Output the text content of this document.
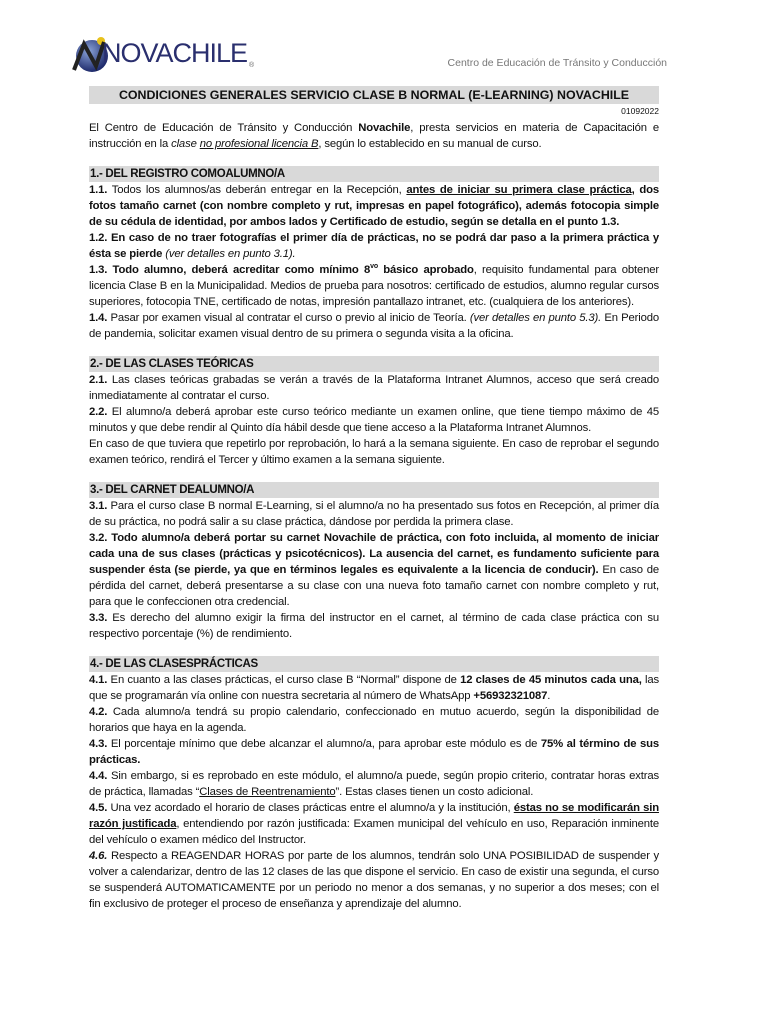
NOVACHILE ®	Centro de Educación de Tránsito y Conducción
CONDICIONES GENERALES SERVICIO CLASE B NORMAL (E-LEARNING) NOVACHILE
01092022

El Centro de Educación de Tránsito y Conducción Novachile, presta servicios en materia de Capacitación e instrucción en la clase no profesional licencia B, según lo establecido en su manual de curso.

1.- DEL REGISTRO COMOALUMNO/A

1.1. Todos los alumnos/as deberán entregar en la Recepción, antes de iniciar su primera clase práctica, dos fotos tamaño carnet (con nombre completo y rut, impresas en papel fotográfico), además fotocopia simple de su cédula de identidad, por ambos lados y Certificado de estudio, según se detalla en el punto 1.3.

1.2. En caso de no traer fotografías el primer día de prácticas, no se podrá dar paso a la primera práctica y ésta se pierde (ver detalles en punto 3.1).

1.3. Todo alumno, deberá acreditar como mínimo $8^{vo}$ básico aprobado, requisito fundamental para obtener licencia Clase B en la Municipalidad. Medios de prueba para nosotros: certificado de estudios, alumno regular cursos superiores, fotocopia TNE, certificado de notas, impresión pantallazo intranet, etc. (cualquiera de los anteriores).

1.4. Pasar por examen visual al contratar el curso o previo al inicio de Teoría. (ver detalles en punto 5.3). En Periodo de pandemia, solicitar examen visual dentro de su primera o segunda visita a la oficina.

2.- DE LAS CLASES TEÓRICAS

2.1. Las clases teóricas grabadas se verán a través de la Plataforma Intranet Alumnos, acceso que será creado inmediatamente al contratar el curso.

2.2. El alumno/a deberá aprobar este curso teórico mediante un examen online, que tiene tiempo máximo de 45 minutos y que debe rendir al Quinto día hábil desde que tiene acceso a la Plataforma Intranet Alumnos.

En caso de que tuviera que repetirlo por reprobación, lo hará a la semana siguiente. En caso de reprobar el segundo examen teórico, rendirá el Tercer y último examen a la semana siguiente.

3.- DEL CARNET DEALUMNO/A

3.1. Para el curso clase B normal E-Learning, si el alumno/a no ha presentado sus fotos en Recepción, al primer día de su práctica, no podrá salir a su clase práctica, dándose por perdida la primera clase.

3.2. Todo alumno/a deberá portar su carnet Novachile de práctica, con foto incluida, al momento de iniciar cada una de sus clases (prácticas y psicotécnicos). La ausencia del carnet, es fundamento suficiente para suspender ésta (se pierde, ya que en términos legales es equivalente a la licencia de conducir). En caso de pérdida del carnet, deberá presentarse a su clase con una nueva foto tamaño carnet con nombre completo y rut, para que le confeccionen otra credencial.

3.3. Es derecho del alumno exigir la firma del instructor en el carnet, al término de cada clase práctica con su respectivo porcentaje (%) de rendimiento.

4.- DE LAS CLASESPRÁCTICAS

4.1. En cuanto a las clases prácticas, el curso clase B “Normal” dispone de 12 clases de 45 minutos cada una, las que se programarán vía online con nuestra secretaria al número de WhatsApp +56932321087.

4.2. Cada alumno/a tendrá su propio calendario, confeccionado en mutuo acuerdo, según la disponibilidad de horarios que haya en la agenda.

4.3. El porcentaje mínimo que debe alcanzar el alumno/a, para aprobar este módulo es de 75% al término de sus prácticas.

4.4. Sin embargo, si es reprobado en este módulo, el alumno/a puede, según propio criterio, contratar horas extras de práctica, llamadas “Clases de Reentrenamiento”. Estas clases tienen un costo adicional.

4.5. Una vez acordado el horario de clases prácticas entre el alumno/a y la institución, éstas no se modificarán sin razón justificada, entendiendo por razón justificada: Examen municipal del vehículo en uso, Reparación inminente del vehículo o examen médico del Instructor.

4.6. Respecto a REAGENDAR HORAS por parte de los alumnos, tendrán solo UNA POSIBILIDAD de suspender y volver a calendarizar, dentro de las 12 clases de las que dispone el servicio. En caso de existir una segunda, el curso se suspenderá AUTOMATICAMENTE por un periodo no menor a dos semanas, y no superior a dos meses; con el fin exclusivo de proteger el proceso de enseñanza y aprendizaje del alumno.
